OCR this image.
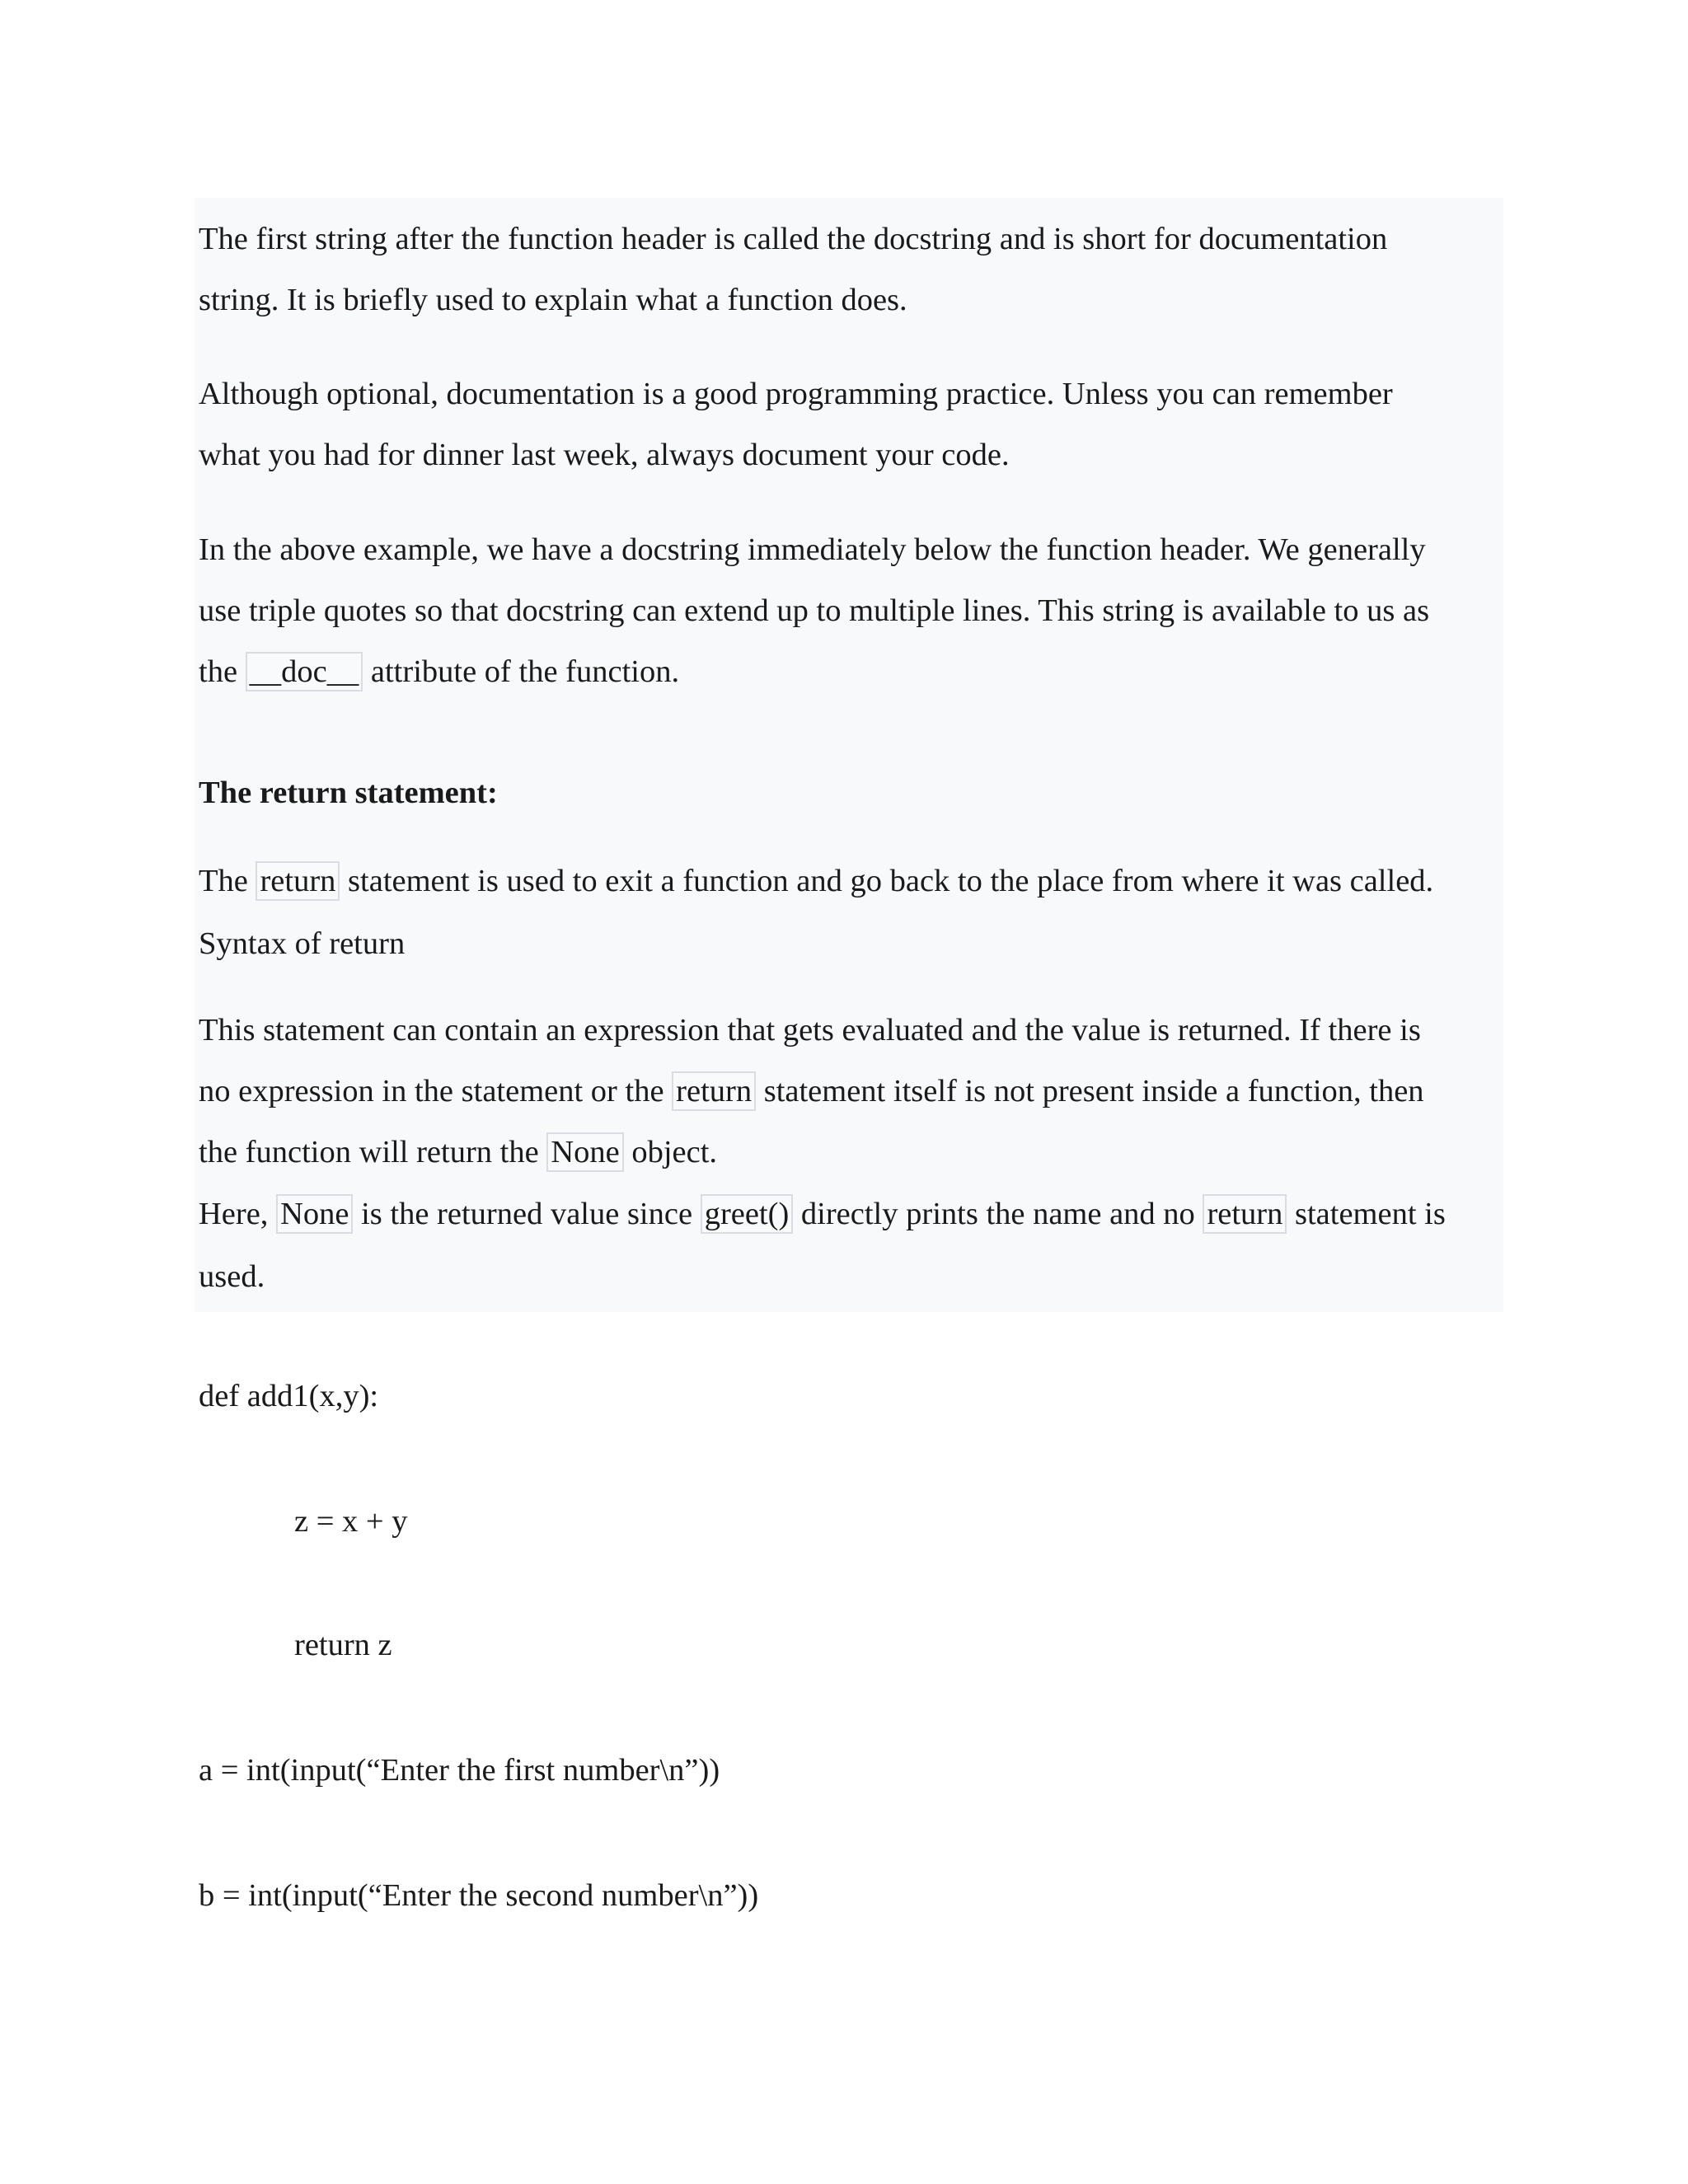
The first string after the function header is called the docstring and is short for documentation

string. It is briefly used to explain what a function does.

Although optional, documentation is a good programming practice. Unless you can remember

what you had for dinner last week, always document your code.

In the above example, we have a docstring immediately below the function header. We generally

use triple quotes so that docstring can extend up to multiple lines. This string is available to us as

the __doc__ attribute of the function.

The return statement:

The return statement is used to exit a function and go back to the place from where it was called.

Syntax of return

This statement can contain an expression that gets evaluated and the value is returned. If there is

no expression in the statement or the return statement itself is not present inside a function, then

the function will return the None object.

Here, None is the returned value since greet() directly prints the name and no return statement is

used.

def add1(x,y):

z = x + y

return z

a = int(input(“Enter the first number\n”))

b = int(input(“Enter the second number\n”))
